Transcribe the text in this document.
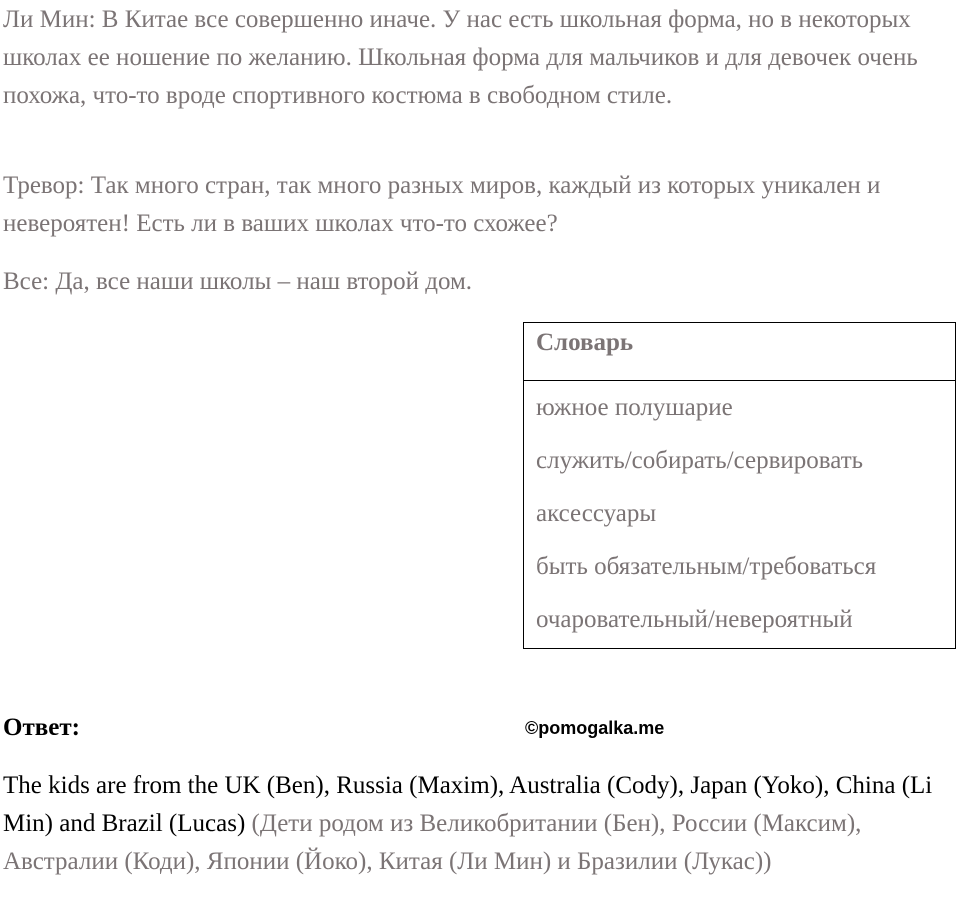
Ли Мин: В Китае все совершенно иначе. У нас есть школьная форма, но в некоторых школах ее ношение по желанию. Школьная форма для мальчиков и для девочек очень похожа, что-то вроде спортивного костюма в свободном стиле.

Тревор: Так много стран, так много разных миров, каждый из которых уникален и невероятен! Есть ли в ваших школах что-то схожее?

Все: Да, все наши школы – наш второй дом.

Словарь
южное полушарие
служить/собирать/сервировать
аксессуары
быть обязательным/требоваться
очаровательный/невероятный
Ответ:	©pomogalka.me

The kids are from the UK (Ben), Russia (Maxim), Australia (Cody), Japan (Yoko), China (Li Min) and Brazil (Lucas) (Дети родом из Великобритании (Бен), России (Максим), Австралии (Коди), Японии (Йоко), Китая (Ли Мин) и Бразилии (Лукас))
